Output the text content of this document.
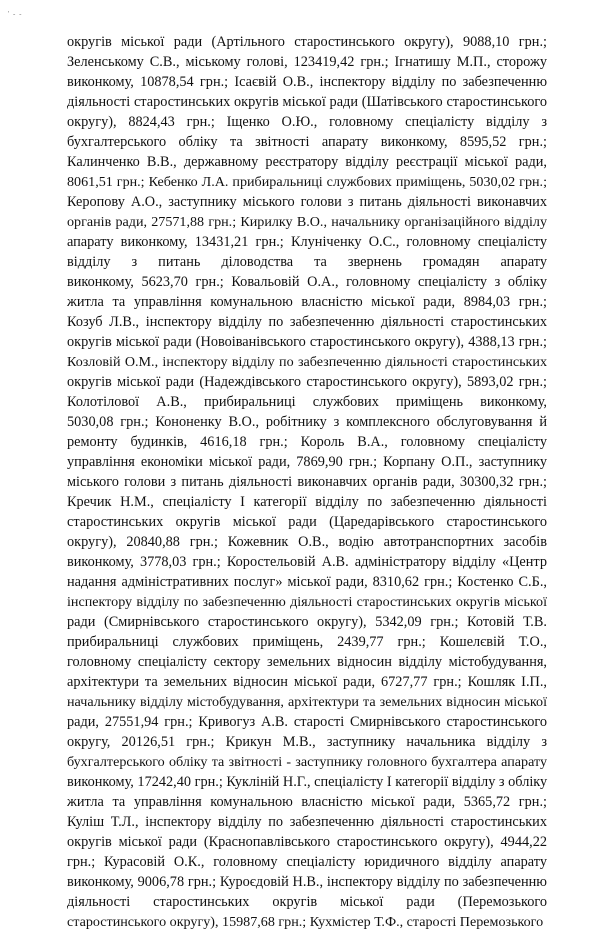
' - -
округів міської ради (Артільного старостинського округу), 9088,10 грн.;
Зеленському С.В., міському голові, 123419,42 грн.; Ігнатишу М.П., сторожу
виконкому, 10878,54 грн.; Ісаєвій О.В., інспектору відділу по забезпеченню
діяльності старостинських округів міської ради (Шатівського старостинського
округу), 8824,43 грн.; Іщенко О.Ю., головному спеціалісту відділу з
бухгалтерського обліку та звітності апарату виконкому, 8595,52 грн.;
Калинченко В.В., державному реєстратору відділу реєстрації міської ради,
8061,51 грн.; Кебенко Л.А. прибиральниці службових приміщень, 5030,02 грн.;
Керопову А.О., заступнику міського голови з питань діяльності виконавчих
органів ради, 27571,88 грн.; Кирилку В.О., начальнику організаційного відділу
апарату виконкому, 13431,21 грн.; Клуніченку О.С., головному спеціалісту
відділу з питань діловодства та звернень громадян апарату
виконкому, 5623,70 грн.; Ковальовій О.А., головному спеціалісту з обліку
житла та управління комунальною власністю міської ради, 8984,03 грн.;
Козуб Л.В., інспектору відділу по забезпеченню діяльності старостинських
округів міської ради (Новоіванівського старостинського округу), 4388,13 грн.;
Козловій О.М., інспектору відділу по забезпеченню діяльності старостинських
округів міської ради (Надеждівського старостинського округу), 5893,02 грн.;
Колотілової А.В., прибиральниці службових приміщень виконкому,
5030,08 грн.; Кононенку В.О., робітнику з комплексного обслуговування й
ремонту будинків, 4616,18 грн.; Король В.А., головному спеціалісту
управління економіки міської ради, 7869,90 грн.; Корпану О.П., заступнику
міського голови з питань діяльності виконавчих органів ради, 30300,32 грн.;
Кречик Н.М., спеціалісту І категорії відділу по забезпеченню діяльності
старостинських округів міської ради (Царедарівського старостинського
округу), 20840,88 грн.; Кожевник О.В., водію автотранспортних засобів
виконкому, 3778,03 грн.; Коростельовій А.В. адміністратору відділу «Центр
надання адміністративних послуг» міської ради, 8310,62 грн.; Костенко С.Б.,
інспектору відділу по забезпеченню діяльності старостинських округів міської
ради (Смирнівського старостинського округу), 5342,09 грн.; Котовій Т.В.
прибиральниці службових приміщень, 2439,77 грн.; Кошелєвій Т.О.,
головному спеціалісту сектору земельних відносин відділу містобудування,
архітектури та земельних відносин міської ради, 6727,77 грн.; Кошляк І.П.,
начальнику відділу містобудування, архітектури та земельних відносин міської
ради, 27551,94 грн.; Кривогуз А.В. старості Смирнівського старостинського
округу, 20126,51 грн.; Крикун М.В., заступнику начальника відділу з
бухгалтерського обліку та звітності - заступнику головного бухгалтера апарату
виконкому, 17242,40 грн.; Кукліній Н.Г., спеціалісту І категорії відділу з обліку
житла та управління комунальною власністю міської ради, 5365,72 грн.;
Куліш Т.Л., інспектору відділу по забезпеченню діяльності старостинських
округів міської ради (Краснопавлівського старостинського округу), 4944,22
грн.; Курасовій О.К., головному спеціалісту юридичного відділу апарату
виконкому, 9006,78 грн.; Куроєдовій Н.В., інспектору відділу по забезпеченню
діяльності старостинських округів міської ради (Перемозького
старостинського округу), 15987,68 грн.; Кухмістер Т.Ф., старості Перемозького
